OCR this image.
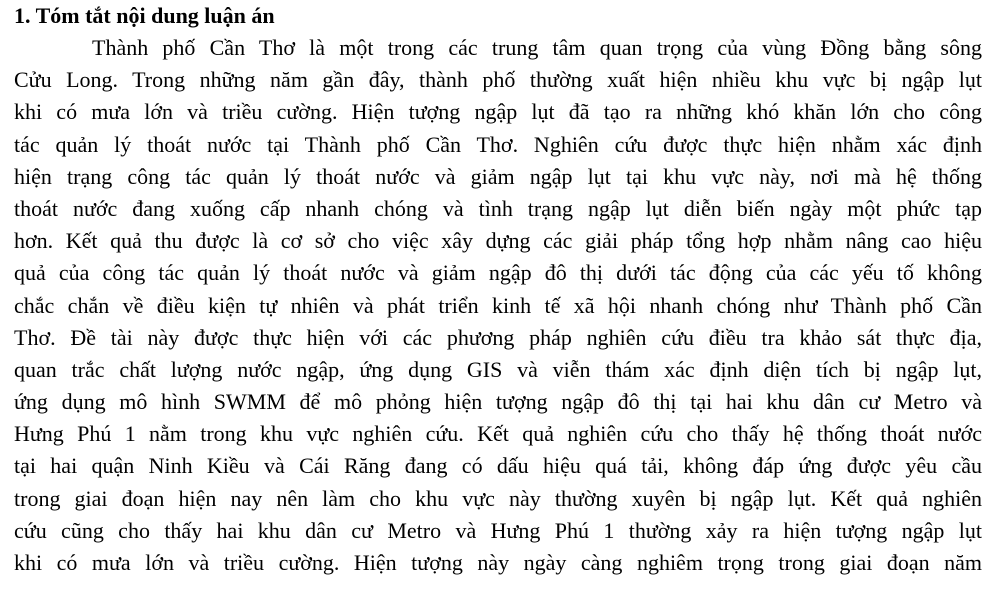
1. Tóm tắt nội dung luận án
Thành phố Cần Thơ là một trong các trung tâm quan trọng của vùng Đồng bằng sông
Cửu Long. Trong những năm gần đây, thành phố thường xuất hiện nhiều khu vực bị ngập lụt
khi có mưa lớn và triều cường. Hiện tượng ngập lụt đã tạo ra những khó khăn lớn cho công
tác quản lý thoát nước tại Thành phố Cần Thơ. Nghiên cứu được thực hiện nhằm xác định
hiện trạng công tác quản lý thoát nước và giảm ngập lụt tại khu vực này, nơi mà hệ thống
thoát nước đang xuống cấp nhanh chóng và tình trạng ngập lụt diễn biến ngày một phức tạp
hơn. Kết quả thu được là cơ sở cho việc xây dựng các giải pháp tổng hợp nhằm nâng cao hiệu
quả của công tác quản lý thoát nước và giảm ngập đô thị dưới tác động của các yếu tố không
chắc chắn về điều kiện tự nhiên và phát triển kinh tế xã hội nhanh chóng như Thành phố Cần
Thơ. Đề tài này được thực hiện với các phương pháp nghiên cứu điều tra khảo sát thực địa,
quan trắc chất lượng nước ngập, ứng dụng GIS và viễn thám xác định diện tích bị ngập lụt,
ứng dụng mô hình SWMM để mô phỏng hiện tượng ngập đô thị tại hai khu dân cư Metro và
Hưng Phú 1 nằm trong khu vực nghiên cứu. Kết quả nghiên cứu cho thấy hệ thống thoát nước
tại hai quận Ninh Kiều và Cái Răng đang có dấu hiệu quá tải, không đáp ứng được yêu cầu
trong giai đoạn hiện nay nên làm cho khu vực này thường xuyên bị ngập lụt. Kết quả nghiên
cứu cũng cho thấy hai khu dân cư Metro và Hưng Phú 1 thường xảy ra hiện tượng ngập lụt
khi có mưa lớn và triều cường. Hiện tượng này ngày càng nghiêm trọng trong giai đoạn năm
